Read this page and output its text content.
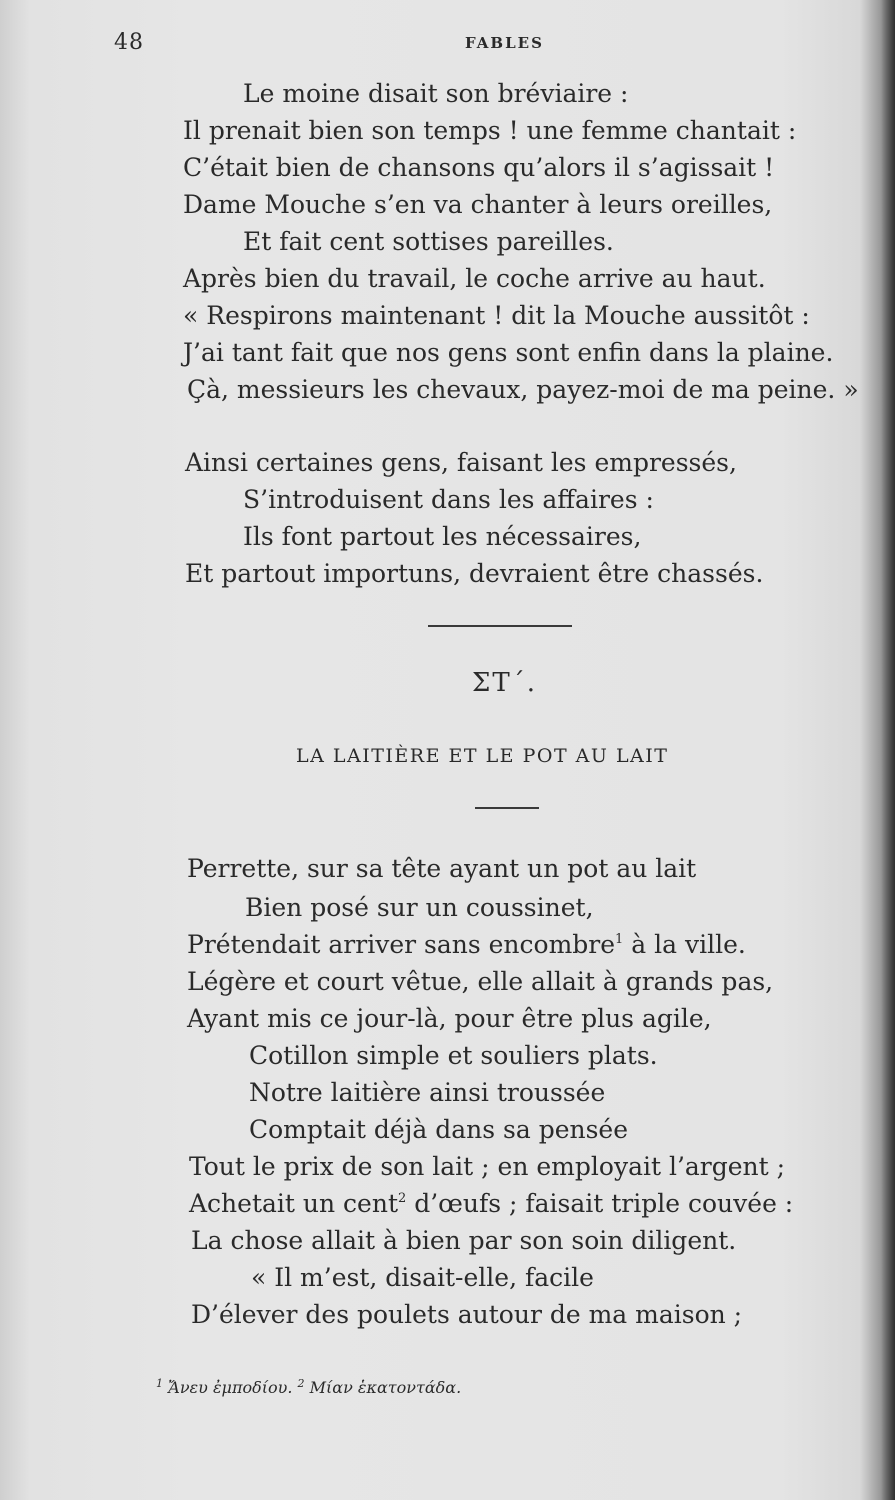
48	FABLES
Le moine disait son bréviaire :
Il prenait bien son temps ! une femme chantait :
C’était bien de chansons qu’alors il s’agissait !
Dame Mouche s’en va chanter à leurs oreilles,
Et fait cent sottises pareilles.
Après bien du travail, le coche arrive au haut.
« Respirons maintenant ! dit la Mouche aussitôt :
J’ai tant fait que nos gens sont enfin dans la plaine.
Çà, messieurs les chevaux, payez-moi de ma peine. »
Ainsi certaines gens, faisant les empressés,
S’introduisent dans les affaires :
Ils font partout les nécessaires,
Et partout importuns, devraient être chassés.
ΣΤ΄.
LA LAITIÈRE ET LE POT AU LAIT
Perrette, sur sa tête ayant un pot au lait
Bien posé sur un coussinet,
Prétendait arriver sans encombre$^1$ à la ville.
Légère et court vêtue, elle allait à grands pas,
Ayant mis ce jour-là, pour être plus agile,
Cotillon simple et souliers plats.
Notre laitière ainsi troussée
Comptait déjà dans sa pensée
Tout le prix de son lait ; en employait l’argent ;
Achetait un cent$^2$ d’œufs ; faisait triple couvée :
La chose allait à bien par son soin diligent.
« Il m’est, disait-elle, facile
D’élever des poulets autour de ma maison ;
$^1$ Ἄνευ ἐμποδίου. $^2$ Μίαν ἑκατοντάδα.
